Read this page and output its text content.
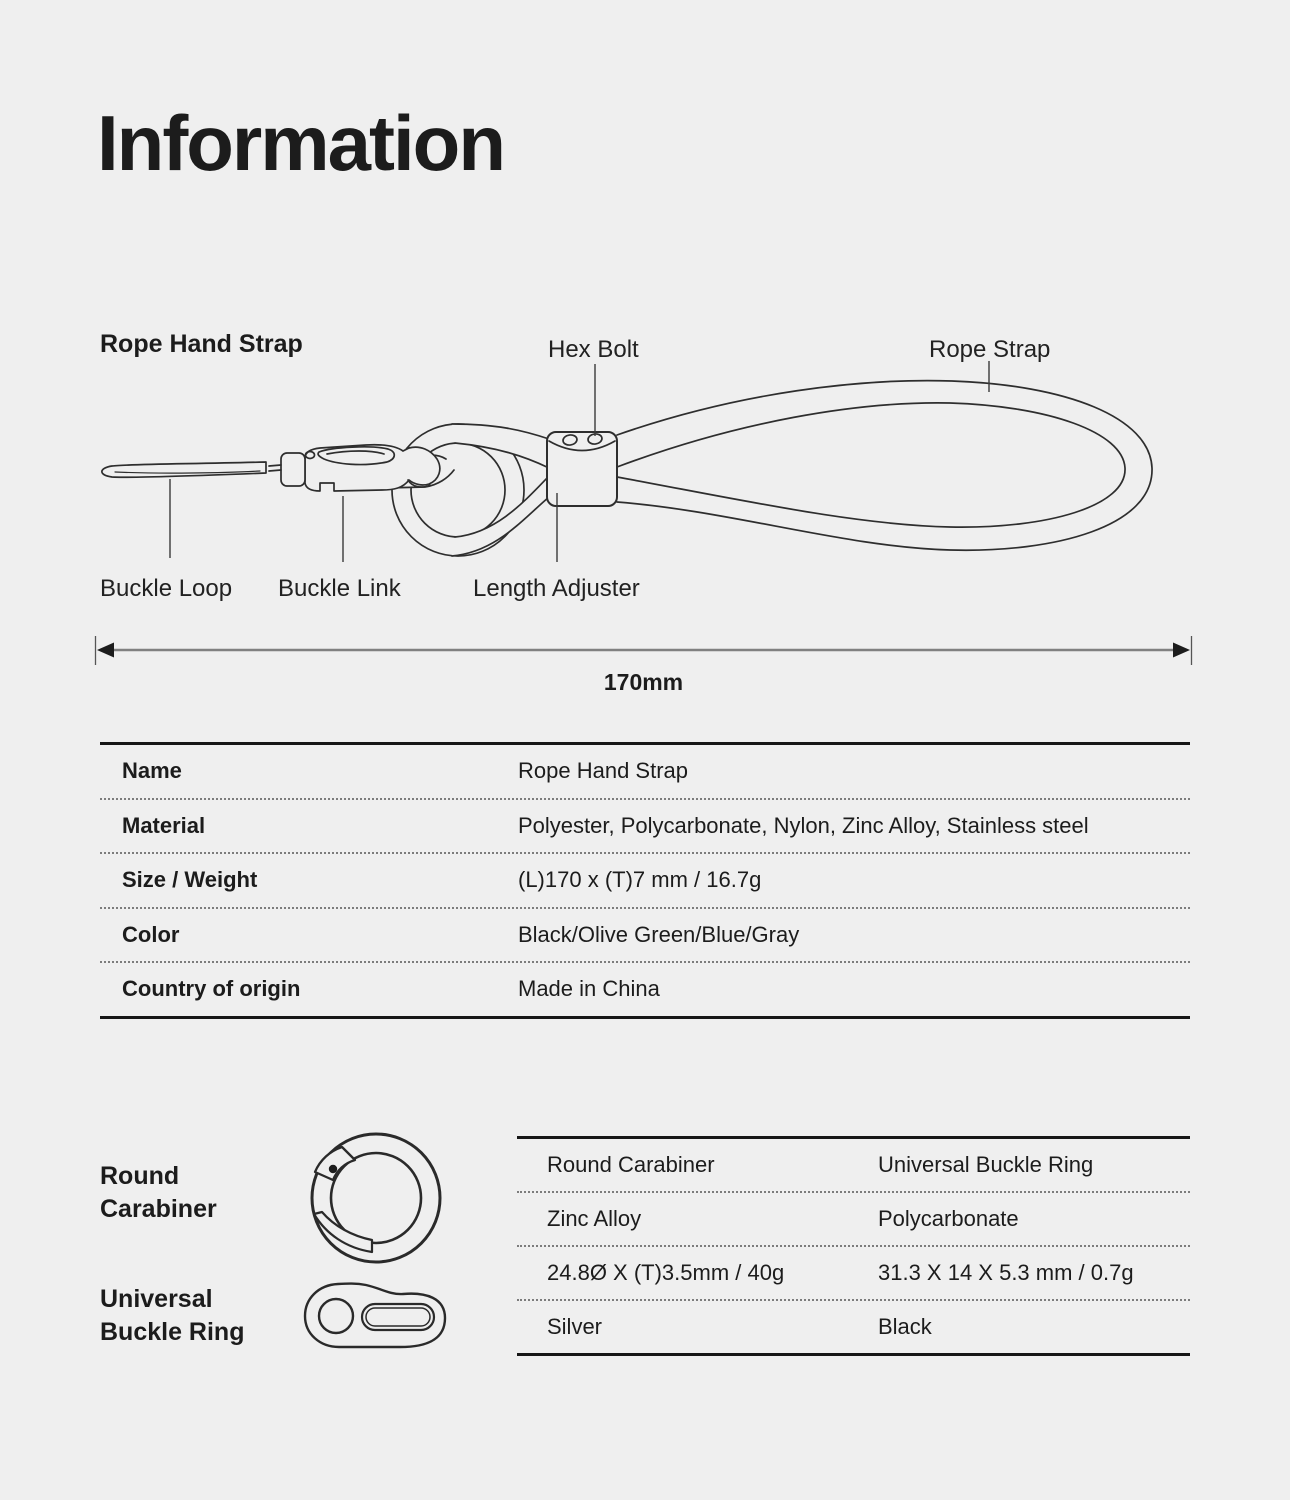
Information
Rope Hand Strap	Hex Bolt	Rope Strap
Buckle Loop Buckle Link	Length Adjuster
170mm
Name	Rope Hand Strap
Material	Polyester, Polycarbonate, Nylon, Zinc Alloy, Stainless steel
Size / Weight	(L)170 x (T)7 mm / 16.7g
Color	Black/Olive Green/Blue/Gray
Country of origin	Made in China
Round Carabiner
Universal Buckle Ring
Round Carabiner	Universal Buckle Ring
Zinc Alloy	Polycarbonate
24.8Ø X (T)3.5mm / 40g	31.3 X 14 X 5.3 mm / 0.7g
Silver	Black
